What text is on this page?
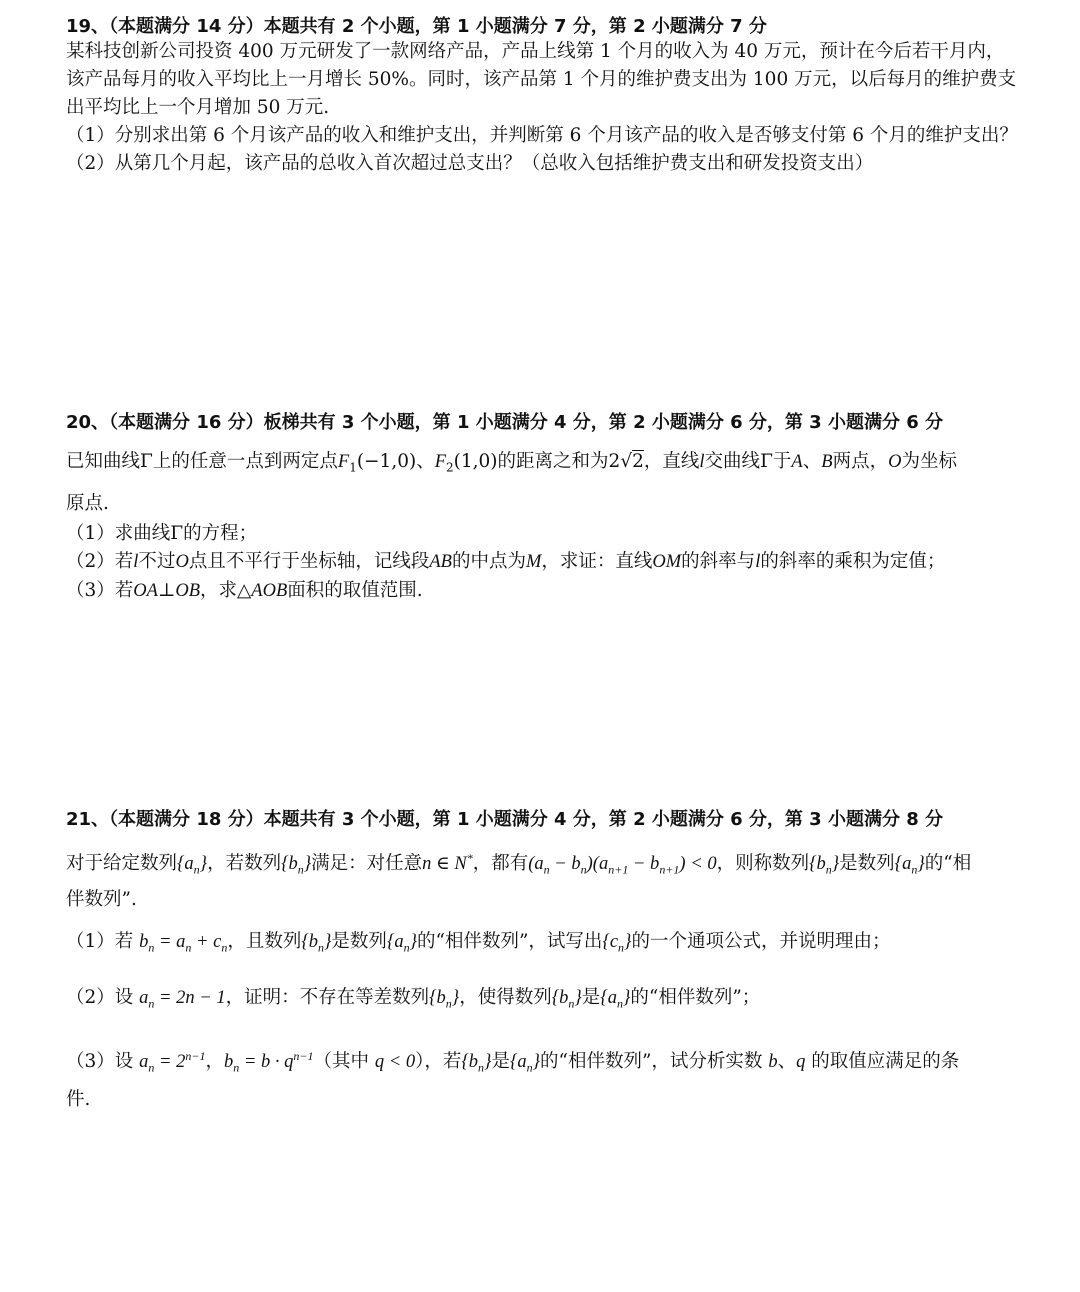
19、（本题满分 14 分）本题共有 2 个小题，第 1 小题满分 7 分，第 2 小题满分 7 分
某科技创新公司投资 400 万元研发了一款网络产品，产品上线第 1 个月的收入为 40 万元，预计在今后若干月内，
该产品每月的收入平均比上一月增长 50%。同时，该产品第 1 个月的维护费支出为 100 万元，以后每月的维护费支
出平均比上一个月增加 50 万元.
（1）分别求出第 6 个月该产品的收入和维护支出，并判断第 6 个月该产品的收入是否够支付第 6 个月的维护支出？
（2）从第几个月起，该产品的总收入首次超过总支出？（总收入包括维护费支出和研发投资支出）
20、（本题满分 16 分）板梯共有 3 个小题，第 1 小题满分 4 分，第 2 小题满分 6 分，第 3 小题满分 6 分
已知曲线Γ上的任意一点到两定点$F_1(-1,0)$、$F_2(1,0)$的距离之和为2√2，直线l交曲线Γ于A、B两点，O为坐标
原点.
（1）求曲线Γ的方程；
（2）若l不过O点且不平行于坐标轴，记线段AB的中点为M，求证：直线OM的斜率与l的斜率的乘积为定值；
（3）若OA⊥OB，求△AOB面积的取值范围.
21、（本题满分 18 分）本题共有 3 个小题，第 1 小题满分 4 分，第 2 小题满分 6 分，第 3 小题满分 8 分
对于给定数列$\{a_n\}$，若数列$\{b_n\}$满足：对任意n ∈ N*，都有$(a_n - b_n)(a_{n+1} - b_{n+1}) < 0$，则称数列$\{b_n\}$是数列$\{a_n\}$的“相
伴数列”.
（1）若 $b_n = a_n + c_n$，且数列$\{b_n\}$是数列$\{a_n\}$的“相伴数列”，试写出$\{c_n\}$的一个通项公式，并说明理由；
（2）设 $a_n = 2n - 1$，证明：不存在等差数列$\{b_n\}$，使得数列$\{b_n\}$是$\{a_n\}$的“相伴数列”；
（3）设 $a_n = 2^{n-1}$，$b_n = b \cdot q^{n-1}$（其中 q < 0），若$\{b_n\}$是$\{a_n\}$的“相伴数列”，试分析实数 b、q 的取值应满足的条
件.
